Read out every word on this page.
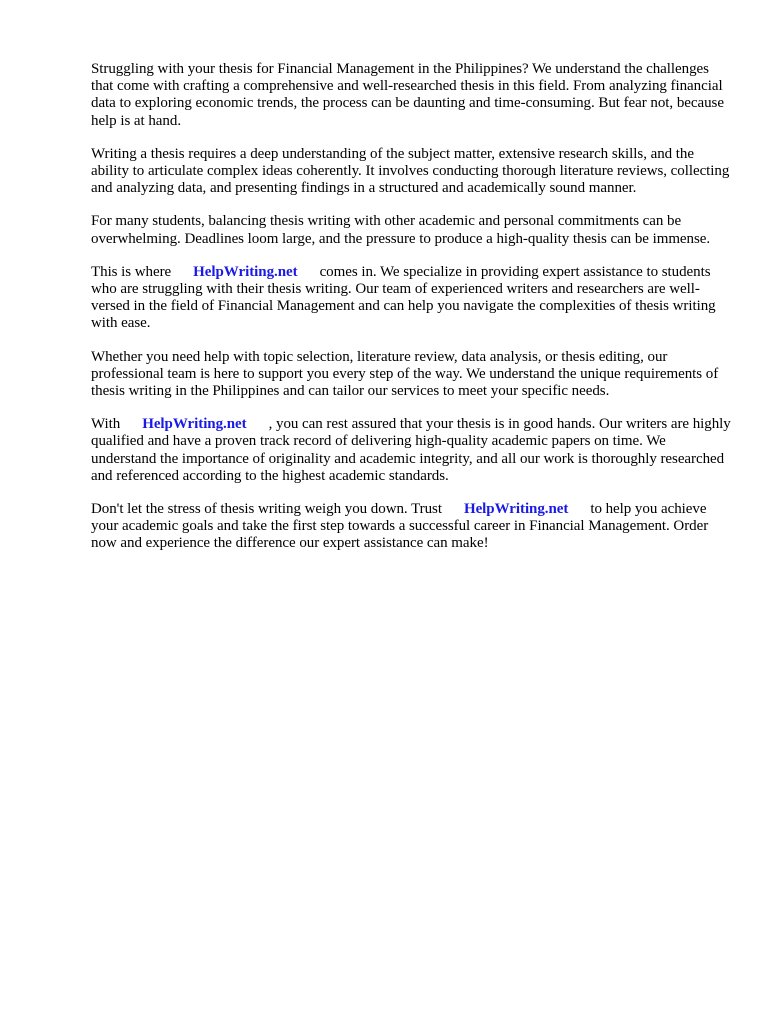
Struggling with your thesis for Financial Management in the Philippines? We understand the challenges that come with crafting a comprehensive and well-researched thesis in this field. From analyzing financial data to exploring economic trends, the process can be daunting and time-consuming. But fear not, because help is at hand.

Writing a thesis requires a deep understanding of the subject matter, extensive research skills, and the ability to articulate complex ideas coherently. It involves conducting thorough literature reviews, collecting and analyzing data, and presenting findings in a structured and academically sound manner.

For many students, balancing thesis writing with other academic and personal commitments can be overwhelming. Deadlines loom large, and the pressure to produce a high-quality thesis can be immense.

This is where HelpWriting.net comes in. We specialize in providing expert assistance to students who are struggling with their thesis writing. Our team of experienced writers and researchers are well-versed in the field of Financial Management and can help you navigate the complexities of thesis writing with ease.

Whether you need help with topic selection, literature review, data analysis, or thesis editing, our professional team is here to support you every step of the way. We understand the unique requirements of thesis writing in the Philippines and can tailor our services to meet your specific needs.

With HelpWriting.net , you can rest assured that your thesis is in good hands. Our writers are highly qualified and have a proven track record of delivering high-quality academic papers on time. We understand the importance of originality and academic integrity, and all our work is thoroughly researched and referenced according to the highest academic standards.

Don't let the stress of thesis writing weigh you down. Trust HelpWriting.net to help you achieve your academic goals and take the first step towards a successful career in Financial Management. Order now and experience the difference our expert assistance can make!
